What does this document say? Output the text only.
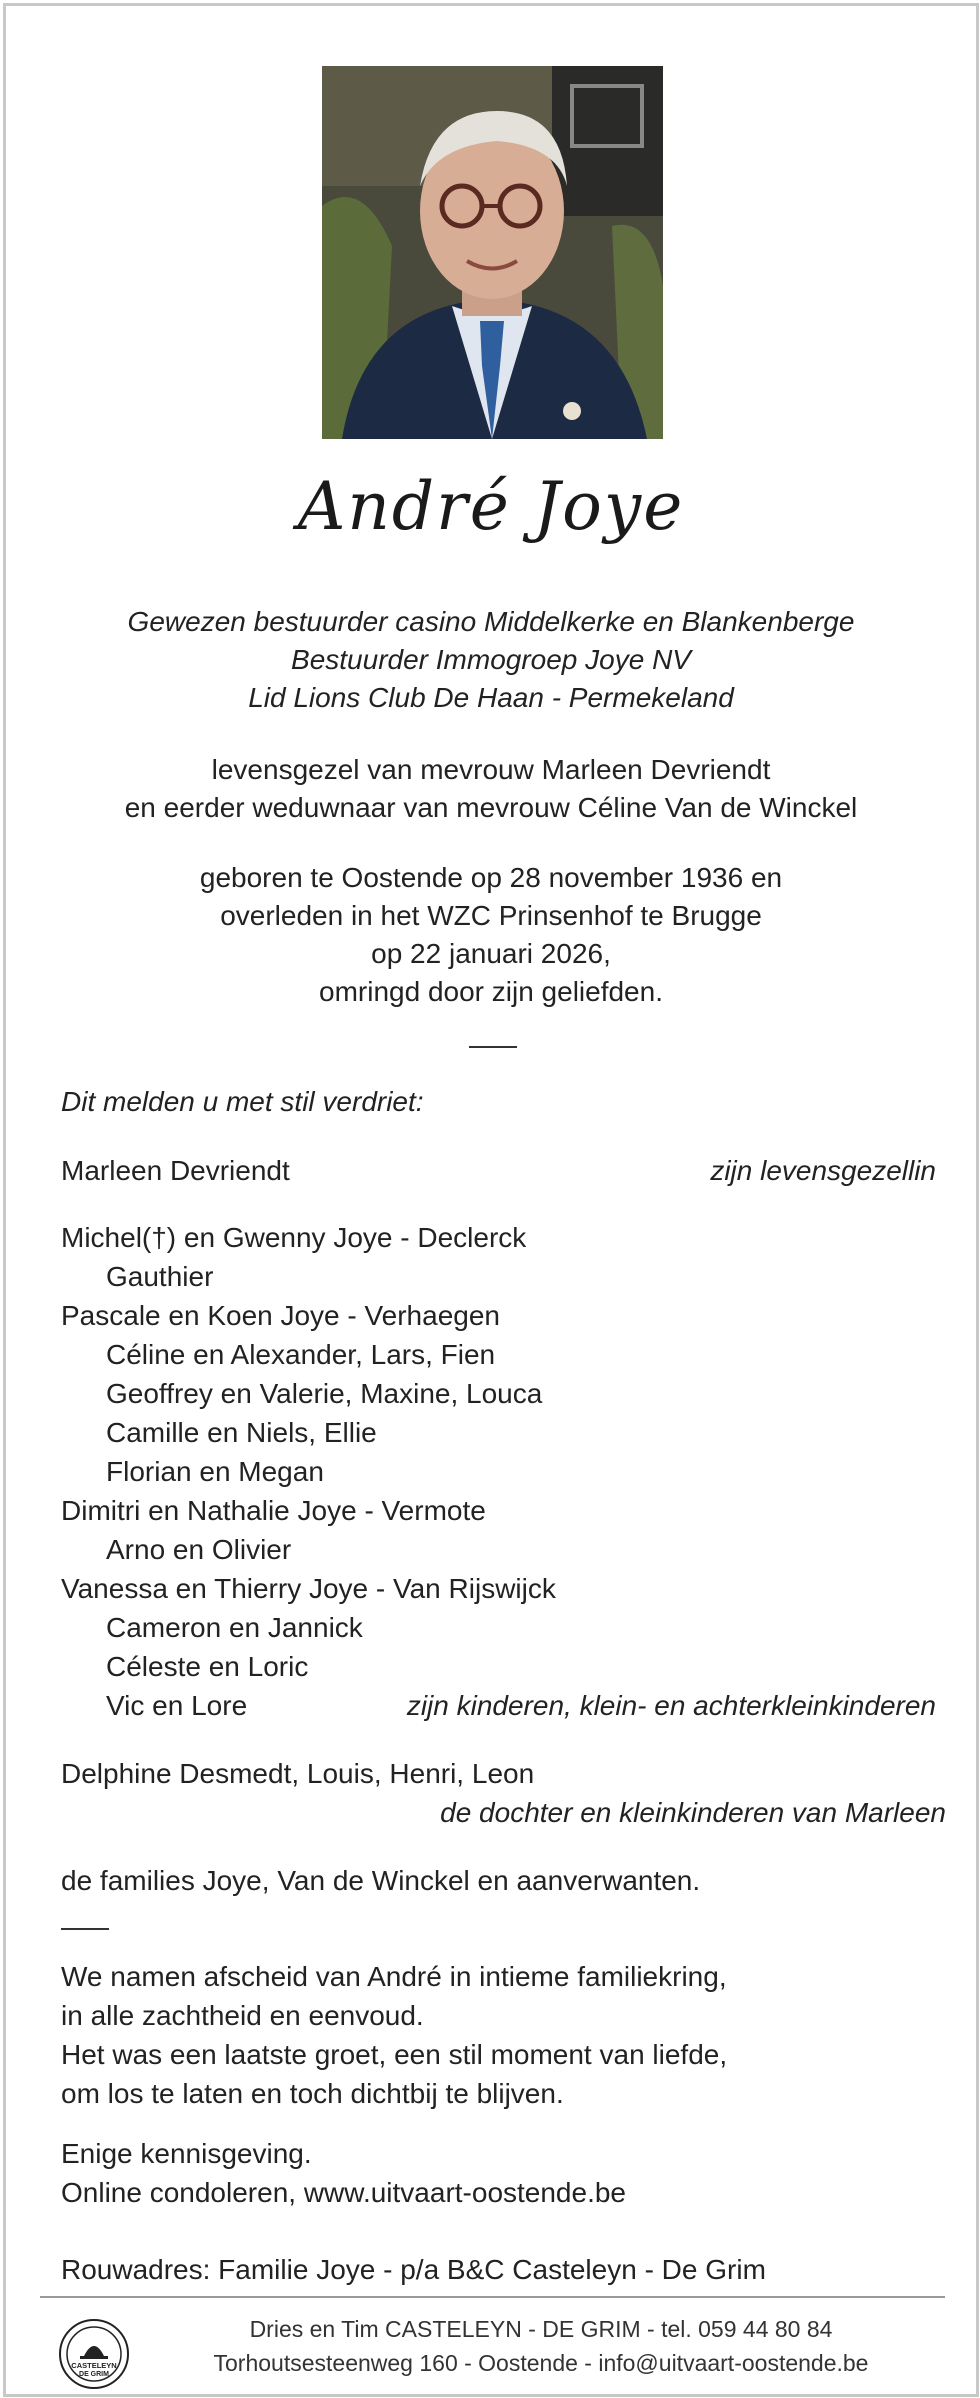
André Joye
Gewezen bestuurder casino Middelkerke en Blankenberge
Bestuurder Immogroep Joye NV
Lid Lions Club De Haan - Permekeland
levensgezel van mevrouw Marleen Devriendt
en eerder weduwnaar van mevrouw Céline Van de Winckel
geboren te Oostende op 28 november 1936 en
overleden in het WZC Prinsenhof te Brugge
op 22 januari 2026,
omringd door zijn geliefden.
Dit melden u met stil verdriet:
Marleen Devriendt	zijn levensgezellin
Michel(†) en Gwenny Joye - Declerck
Gauthier
Pascale en Koen Joye - Verhaegen
Céline en Alexander, Lars, Fien
Geoffrey en Valerie, Maxine, Louca
Camille en Niels, Ellie
Florian en Megan
Dimitri en Nathalie Joye - Vermote
Arno en Olivier
Vanessa en Thierry Joye - Van Rijswijck
Cameron en Jannick
Céleste en Loric
Vic en Lore	zijn kinderen, klein- en achterkleinkinderen
Delphine Desmedt, Louis, Henri, Leon
de dochter en kleinkinderen van Marleen
de families Joye, Van de Winckel en aanverwanten.
We namen afscheid van André in intieme familiekring,
in alle zachtheid en eenvoud.
Het was een laatste groet, een stil moment van liefde,
om los te laten en toch dichtbij te blijven.
Enige kennisgeving.
Online condoleren, www.uitvaart-oostende.be
Rouwadres: Familie Joye - p/a B&C Casteleyn - De Grim
CASTELEYN
DE GRIM
Dries en Tim CASTELEYN - DE GRIM - tel. 059 44 80 84
Torhoutsesteenweg 160 - Oostende - info@uitvaart-oostende.be
